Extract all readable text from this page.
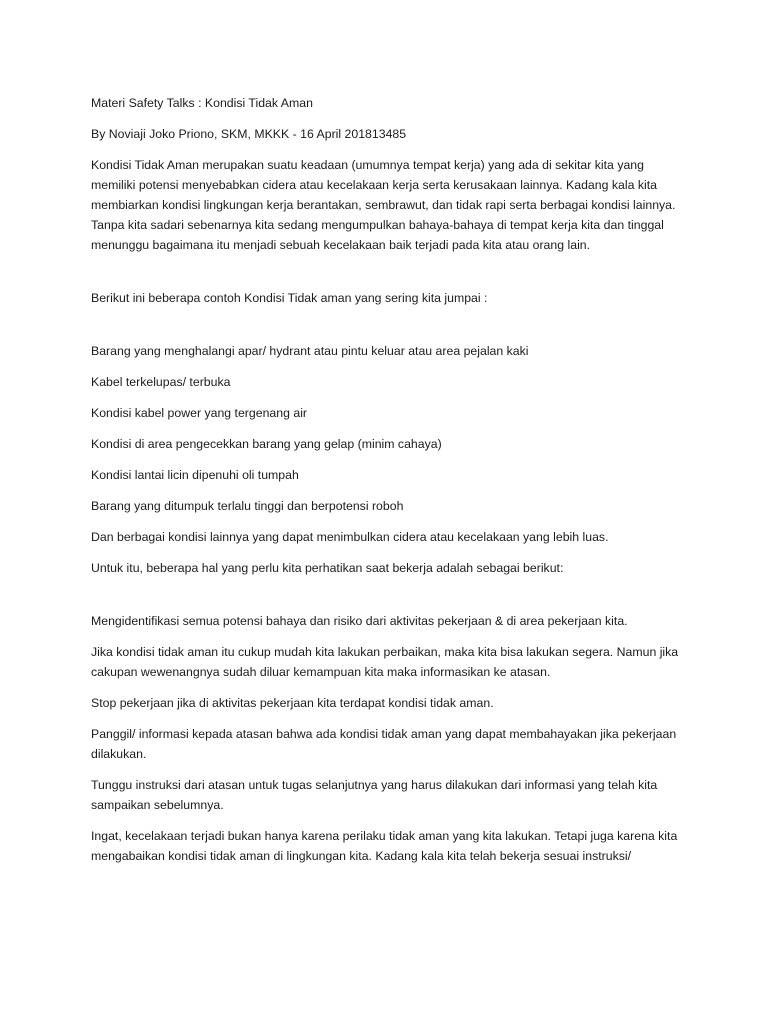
Materi Safety Talks : Kondisi Tidak Aman

By Noviaji Joko Priono, SKM, MKKK - 16 April 201813485

Kondisi Tidak Aman merupakan suatu keadaan (umumnya tempat kerja) yang ada di sekitar kita yang memiliki potensi menyebabkan cidera atau kecelakaan kerja serta kerusakaan lainnya. Kadang kala kita membiarkan kondisi lingkungan kerja berantakan, sembrawut, dan tidak rapi serta berbagai kondisi lainnya. Tanpa kita sadari sebenarnya kita sedang mengumpulkan bahaya-bahaya di tempat kerja kita dan tinggal menunggu bagaimana itu menjadi sebuah kecelakaan baik terjadi pada kita atau orang lain.

Berikut ini beberapa contoh Kondisi Tidak aman yang sering kita jumpai :

Barang yang menghalangi apar/ hydrant atau pintu keluar atau area pejalan kaki

Kabel terkelupas/ terbuka

Kondisi kabel power yang tergenang air

Kondisi di area pengecekkan barang yang gelap (minim cahaya)

Kondisi lantai licin dipenuhi oli tumpah

Barang yang ditumpuk terlalu tinggi dan berpotensi roboh

Dan berbagai kondisi lainnya yang dapat menimbulkan cidera atau kecelakaan yang lebih luas.

Untuk itu, beberapa hal yang perlu kita perhatikan saat bekerja adalah sebagai berikut:

Mengidentifikasi semua potensi bahaya dan risiko dari aktivitas pekerjaan & di area pekerjaan kita.

Jika kondisi tidak aman itu cukup mudah kita lakukan perbaikan, maka kita bisa lakukan segera. Namun jika cakupan wewenangnya sudah diluar kemampuan kita maka informasikan ke atasan.

Stop pekerjaan jika di aktivitas pekerjaan kita terdapat kondisi tidak aman.

Panggil/ informasi kepada atasan bahwa ada kondisi tidak aman yang dapat membahayakan jika pekerjaan dilakukan.

Tunggu instruksi dari atasan untuk tugas selanjutnya yang harus dilakukan dari informasi yang telah kita sampaikan sebelumnya.

Ingat, kecelakaan terjadi bukan hanya karena perilaku tidak aman yang kita lakukan. Tetapi juga karena kita mengabaikan kondisi tidak aman di lingkungan kita. Kadang kala kita telah bekerja sesuai instruksi/
